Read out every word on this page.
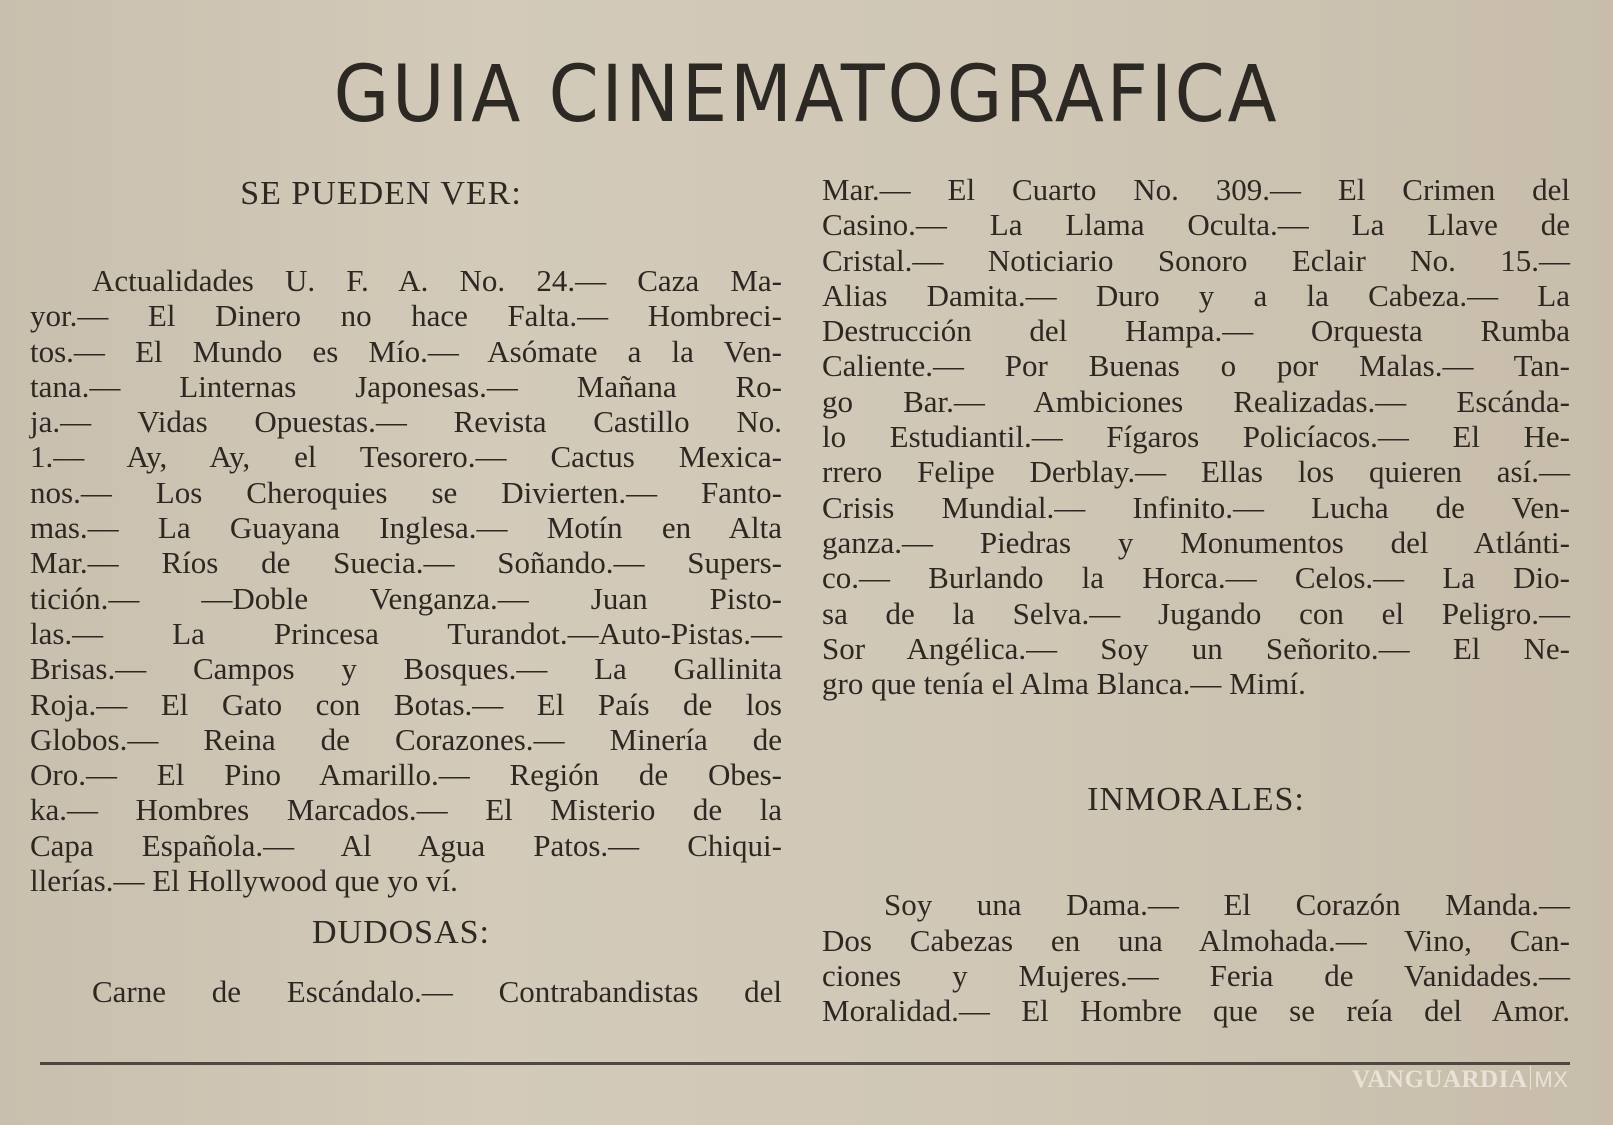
GUIA CINEMATOGRAFICA
SE PUEDEN VER:
Actualidades U. F. A. No. 24.— Caza Ma-
yor.— El Dinero no hace Falta.— Hombreci-
tos.— El Mundo es Mío.— Asómate a la Ven-
tana.— Linternas Japonesas.— Mañana Ro-
ja.— Vidas Opuestas.— Revista Castillo No.
1.— Ay, Ay, el Tesorero.— Cactus Mexica-
nos.— Los Cheroquies se Divierten.— Fanto-
mas.— La Guayana Inglesa.— Motín en Alta
Mar.— Ríos de Suecia.— Soñando.— Supers-
tición.— —Doble Venganza.— Juan Pisto-
las.— La Princesa Turandot.—Auto-Pistas.—
Brisas.— Campos y Bosques.— La Gallinita
Roja.— El Gato con Botas.— El País de los
Globos.— Reina de Corazones.— Minería de
Oro.— El Pino Amarillo.— Región de Obes-
ka.— Hombres Marcados.— El Misterio de la
Capa Española.— Al Agua Patos.— Chiqui-
llerías.— El Hollywood que yo ví.
DUDOSAS:
Carne de Escándalo.— Contrabandistas del
Mar.— El Cuarto No. 309.— El Crimen del
Casino.— La Llama Oculta.— La Llave de
Cristal.— Noticiario Sonoro Eclair No. 15.—
Alias Damita.— Duro y a la Cabeza.— La
Destrucción del Hampa.— Orquesta Rumba
Caliente.— Por Buenas o por Malas.— Tan-
go Bar.— Ambiciones Realizadas.— Escánda-
lo Estudiantil.— Fígaros Policíacos.— El He-
rrero Felipe Derblay.— Ellas los quieren así.—
Crisis Mundial.— Infinito.— Lucha de Ven-
ganza.— Piedras y Monumentos del Atlánti-
co.— Burlando la Horca.— Celos.— La Dio-
sa de la Selva.— Jugando con el Peligro.—
Sor Angélica.— Soy un Señorito.— El Ne-
gro que tenía el Alma Blanca.— Mimí.
INMORALES:
Soy una Dama.— El Corazón Manda.—
Dos Cabezas en una Almohada.— Vino, Can-
ciones y Mujeres.— Feria de Vanidades.—
Moralidad.— El Hombre que se reía del Amor.
VANGUARDIA MX
